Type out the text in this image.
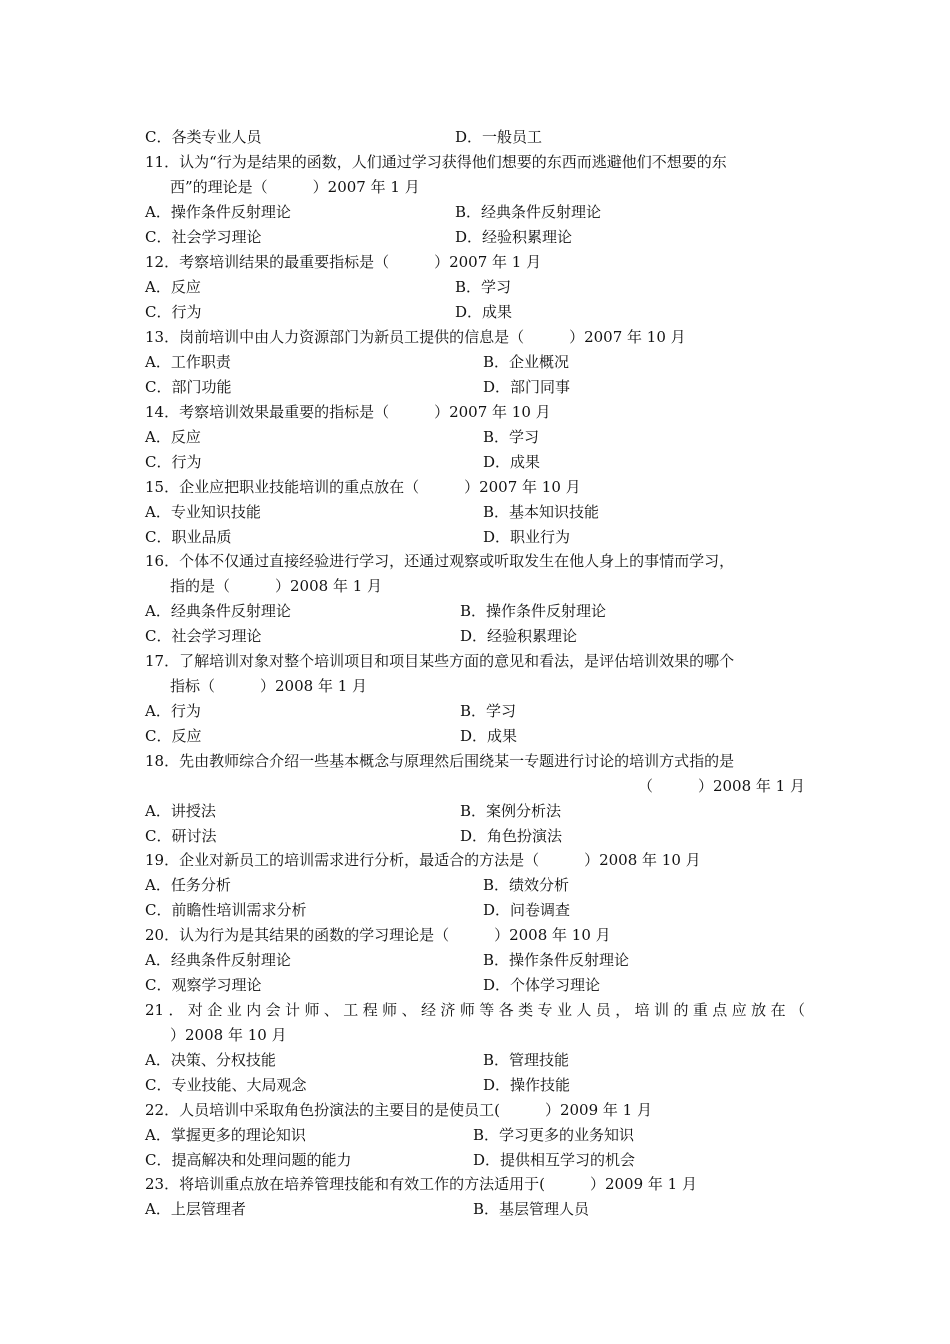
C．各类专业人员	D．一般员工
11．认为“行为是结果的函数，人们通过学习获得他们想要的东西而逃避他们不想要的东
西”的理论是（　　　）2007 年 1 月
A．操作条件反射理论	B．经典条件反射理论
C．社会学习理论	D．经验积累理论
12．考察培训结果的最重要指标是（　　　）2007 年 1 月
A．反应	B．学习
C．行为	D．成果
13．岗前培训中由人力资源部门为新员工提供的信息是（　　　）2007 年 10 月
A．工作职责	B．企业概况
C．部门功能	D．部门同事
14．考察培训效果最重要的指标是（　　　）2007 年 10 月
A．反应	B．学习
C．行为	D．成果
15．企业应把职业技能培训的重点放在（　　　）2007 年 10 月
A．专业知识技能	B．基本知识技能
C．职业品质	D．职业行为
16．个体不仅通过直接经验进行学习，还通过观察或听取发生在他人身上的事情而学习，
指的是（　　　）2008 年 1 月
A．经典条件反射理论	B．操作条件反射理论
C．社会学习理论	D．经验积累理论
17．了解培训对象对整个培训项目和项目某些方面的意见和看法，是评估培训效果的哪个
指标（　　　）2008 年 1 月
A．行为	B．学习
C．反应	D．成果
18．先由教师综合介绍一些基本概念与原理然后围绕某一专题进行讨论的培训方式指的是
（　　　）2008 年 1 月
A．讲授法	B．案例分析法
C．研讨法	D．角色扮演法
19．企业对新员工的培训需求进行分析，最适合的方法是（　　　）2008 年 10 月
A．任务分析	B．绩效分析
C．前瞻性培训需求分析	D．问卷调查
20．认为行为是其结果的函数的学习理论是（　　　）2008 年 10 月
A．经典条件反射理论	B．操作条件反射理论
C．观察学习理论	D．个体学习理论
21．对企业内会计师、工程师、经济师等各类专业人员，培训的重点应放在（
）2008 年 10 月
A．决策、分权技能	B．管理技能
C．专业技能、大局观念	D．操作技能
22．人员培训中采取角色扮演法的主要目的是使员工(　　　）2009 年 1 月
A．掌握更多的理论知识	B．学习更多的业务知识
C．提高解决和处理问题的能力	D．提供相互学习的机会
23．将培训重点放在培养管理技能和有效工作的方法适用于(　　　）2009 年 1 月
A．上层管理者	B．基层管理人员
